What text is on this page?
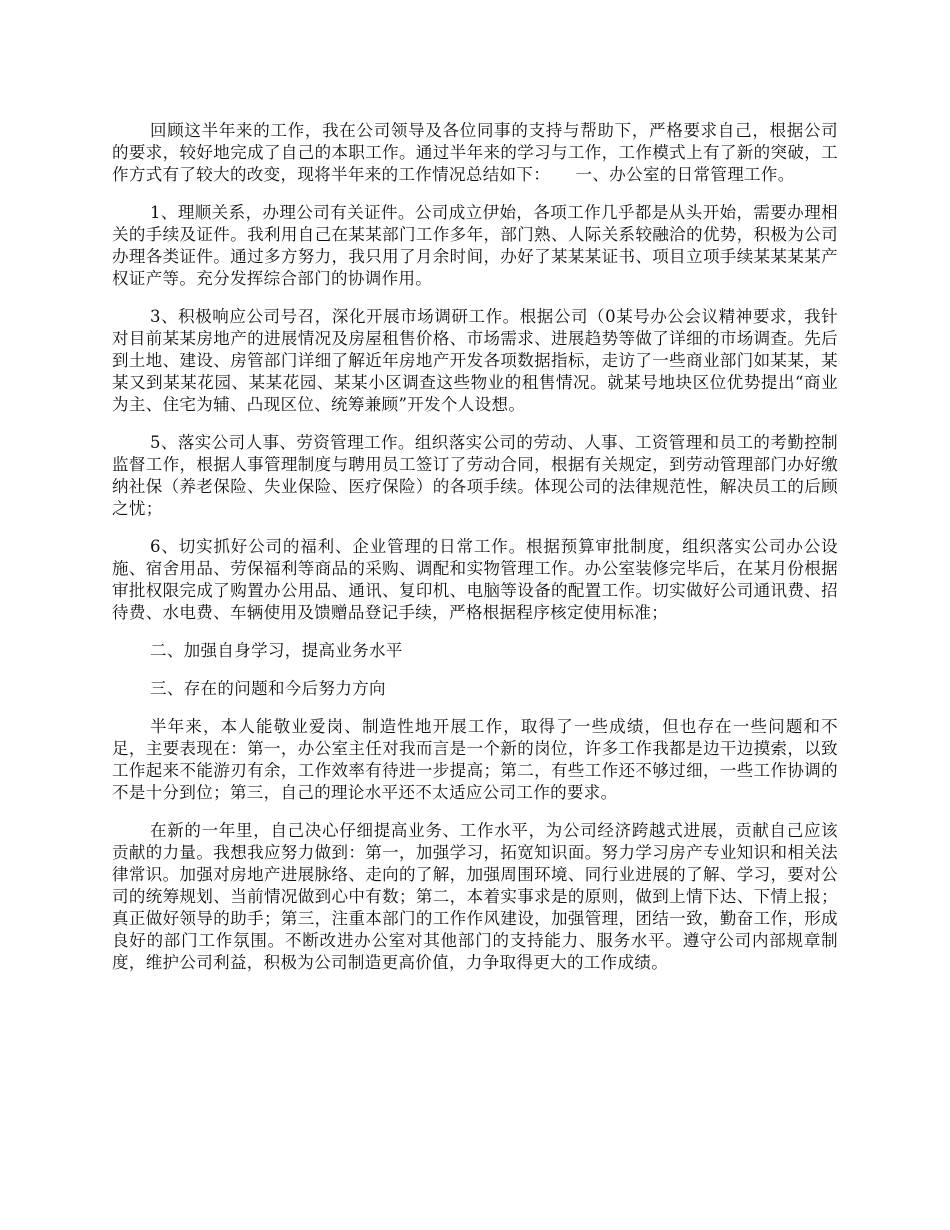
回顾这半年来的工作，我在公司领导及各位同事的支持与帮助下，严格要求自己，根据公司的要求，较好地完成了自己的本职工作。通过半年来的学习与工作，工作模式上有了新的突破，工作方式有了较大的改变，现将半年来的工作情况总结如下：　　一、办公室的日常管理工作。

1、理顺关系，办理公司有关证件。公司成立伊始，各项工作几乎都是从头开始，需要办理相关的手续及证件。我利用自己在某某部门工作多年，部门熟、人际关系较融洽的优势，积极为公司办理各类证件。通过多方努力，我只用了月余时间，办好了某某某证书、项目立项手续某某某某产权证产等。充分发挥综合部门的协调作用。

3、积极响应公司号召，深化开展市场调研工作。根据公司（0某号办公会议精神要求，我针对目前某某房地产的进展情况及房屋租售价格、市场需求、进展趋势等做了详细的市场调查。先后到土地、建设、房管部门详细了解近年房地产开发各项数据指标，走访了一些商业部门如某某，某某又到某某花园、某某花园、某某小区调查这些物业的租售情况。就某号地块区位优势提出“商业为主、住宅为辅、凸现区位、统筹兼顾”开发个人设想。

5、落实公司人事、劳资管理工作。组织落实公司的劳动、人事、工资管理和员工的考勤控制监督工作，根据人事管理制度与聘用员工签订了劳动合同，根据有关规定，到劳动管理部门办好缴纳社保（养老保险、失业保险、医疗保险）的各项手续。体现公司的法律规范性，解决员工的后顾之忧；

6、切实抓好公司的福利、企业管理的日常工作。根据预算审批制度，组织落实公司办公设施、宿舍用品、劳保福利等商品的采购、调配和实物管理工作。办公室装修完毕后，在某月份根据审批权限完成了购置办公用品、通讯、复印机、电脑等设备的配置工作。切实做好公司通讯费、招待费、水电费、车辆使用及馈赠品登记手续，严格根据程序核定使用标准；

二、加强自身学习，提高业务水平

三、存在的问题和今后努力方向

半年来，本人能敬业爱岗、制造性地开展工作，取得了一些成绩，但也存在一些问题和不足，主要表现在：第一，办公室主任对我而言是一个新的岗位，许多工作我都是边干边摸索，以致工作起来不能游刃有余，工作效率有待进一步提高；第二，有些工作还不够过细，一些工作协调的不是十分到位；第三，自己的理论水平还不太适应公司工作的要求。

在新的一年里，自己决心仔细提高业务、工作水平，为公司经济跨越式进展，贡献自己应该贡献的力量。我想我应努力做到：第一，加强学习，拓宽知识面。努力学习房产专业知识和相关法律常识。加强对房地产进展脉络、走向的了解，加强周围环境、同行业进展的了解、学习，要对公司的统筹规划、当前情况做到心中有数；第二，本着实事求是的原则，做到上情下达、下情上报；真正做好领导的助手；第三，注重本部门的工作作风建设，加强管理，团结一致，勤奋工作，形成良好的部门工作氛围。不断改进办公室对其他部门的支持能力、服务水平。遵守公司内部规章制度，维护公司利益，积极为公司制造更高价值，力争取得更大的工作成绩。
